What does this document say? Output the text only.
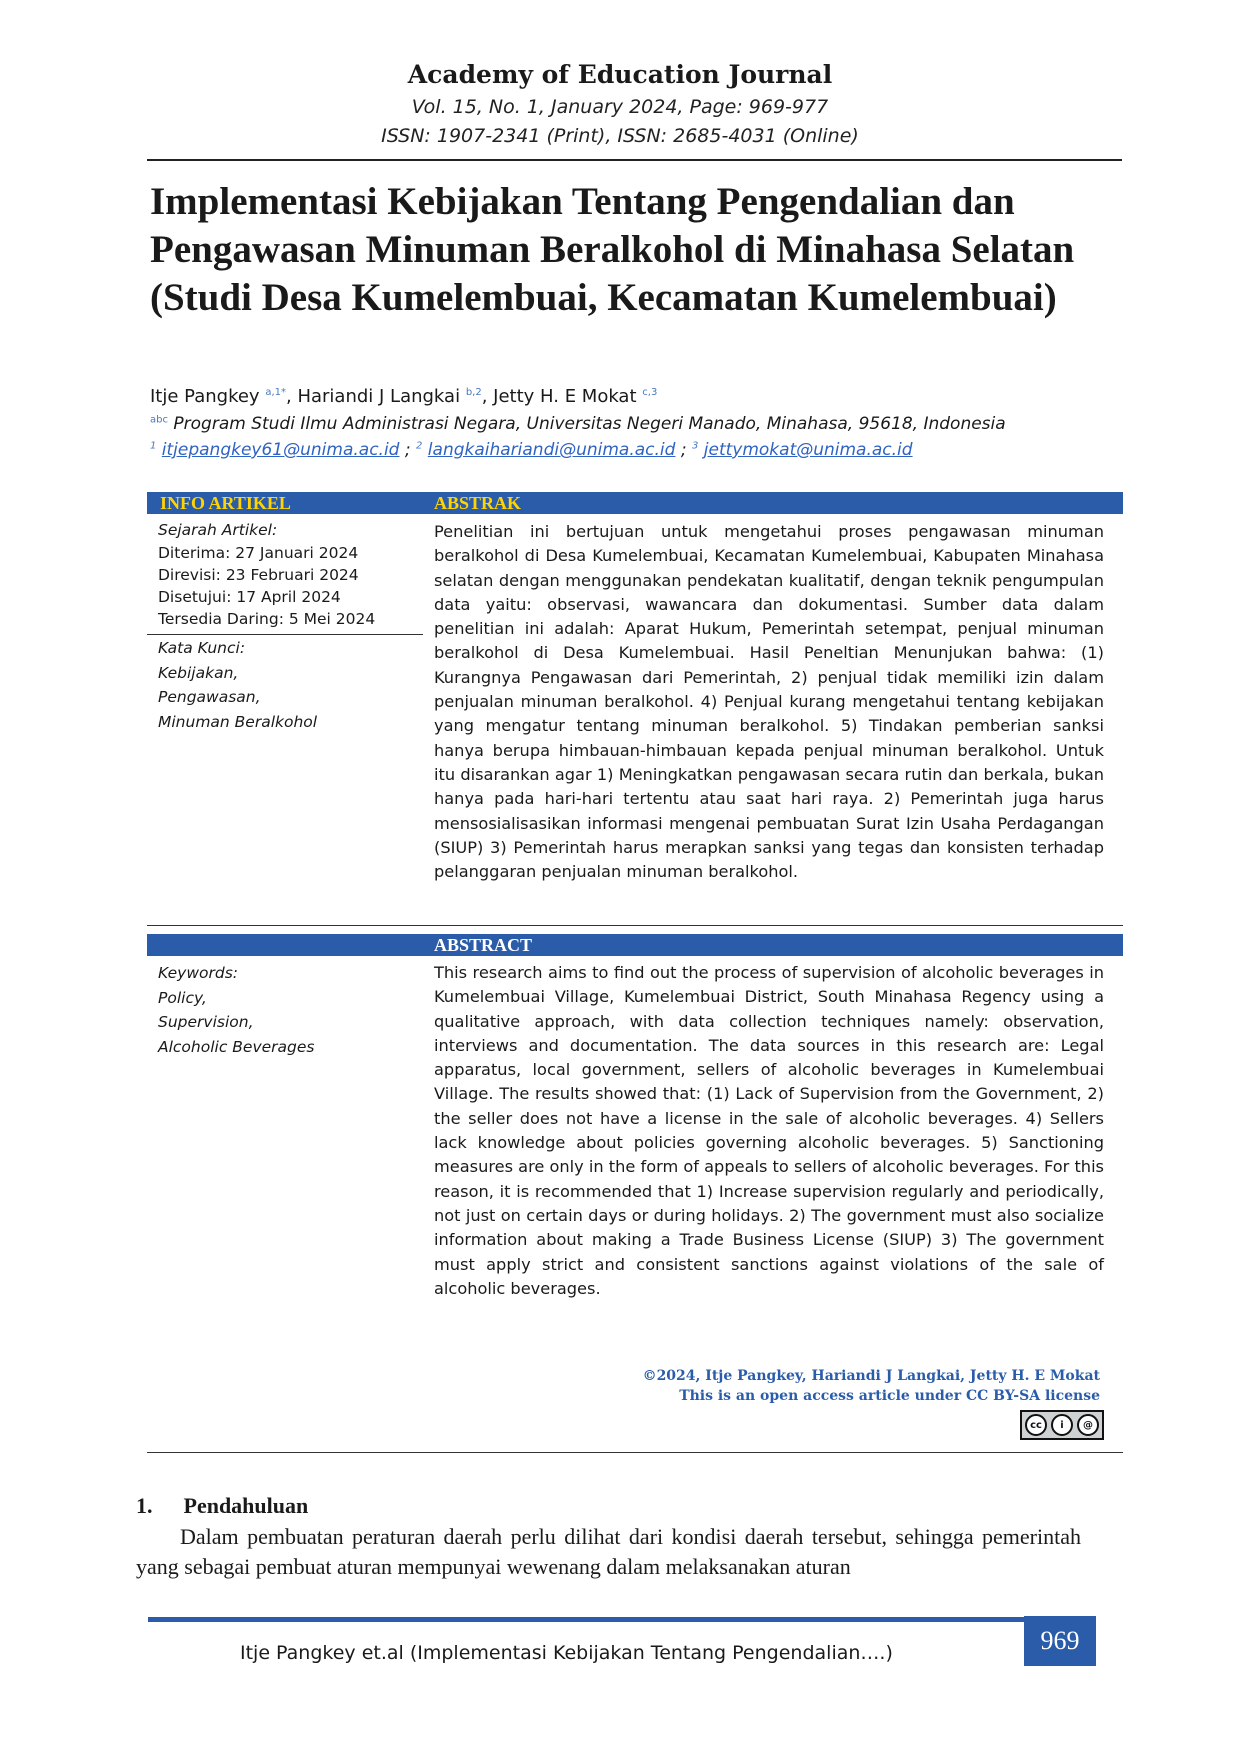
Academy of Education Journal
Vol. 15, No. 1, January 2024, Page: 969-977
ISSN: 1907-2341 (Print), ISSN: 2685-4031 (Online)
Implementasi Kebijakan Tentang Pengendalian dan Pengawasan Minuman Beralkohol di Minahasa Selatan (Studi Desa Kumelembuai, Kecamatan Kumelembuai)
Itje Pangkey $^{a,1*}$, Hariandi J Langkai $^{b,2}$, Jetty H. E Mokat $^{c,3}$
$^{abc}$ Program Studi Ilmu Administrasi Negara, Universitas Negeri Manado, Minahasa, 95618, Indonesia
$^1$ itjepangkey61@unima.ac.id ; $^2$ langkaihariandi@unima.ac.id ; $^3$ jettymokat@unima.ac.id
INFO ARTIKEL	ABSTRAK
Sejarah Artikel:
Diterima: 27 Januari 2024
Direvisi: 23 Februari 2024
Disetujui: 17 April 2024
Tersedia Daring: 5 Mei 2024
Kata Kunci:
Kebijakan,
Pengawasan,
Minuman Beralkohol
Penelitian ini bertujuan untuk mengetahui proses pengawasan minuman beralkohol di Desa Kumelembuai, Kecamatan Kumelembuai, Kabupaten Minahasa selatan dengan menggunakan pendekatan kualitatif, dengan teknik pengumpulan data yaitu: observasi, wawancara dan dokumentasi. Sumber data dalam penelitian ini adalah: Aparat Hukum, Pemerintah setempat, penjual minuman beralkohol di Desa Kumelembuai. Hasil Peneltian Menunjukan bahwa: (1) Kurangnya Pengawasan dari Pemerintah, 2) penjual tidak memiliki izin dalam penjualan minuman beralkohol. 4) Penjual kurang mengetahui tentang kebijakan yang mengatur tentang minuman beralkohol. 5) Tindakan pemberian sanksi hanya berupa himbauan-himbauan kepada penjual minuman beralkohol. Untuk itu disarankan agar 1) Meningkatkan pengawasan secara rutin dan berkala, bukan hanya pada hari-hari tertentu atau saat hari raya. 2) Pemerintah juga harus mensosialisasikan informasi mengenai pembuatan Surat Izin Usaha Perdagangan (SIUP) 3) Pemerintah harus merapkan sanksi yang tegas dan konsisten terhadap pelanggaran penjualan minuman beralkohol.
ABSTRACT
Keywords:
Policy,
Supervision,
Alcoholic Beverages
This research aims to find out the process of supervision of alcoholic beverages in Kumelembuai Village, Kumelembuai District, South Minahasa Regency using a qualitative approach, with data collection techniques namely: observation, interviews and documentation. The data sources in this research are: Legal apparatus, local government, sellers of alcoholic beverages in Kumelembuai Village. The results showed that: (1) Lack of Supervision from the Government, 2) the seller does not have a license in the sale of alcoholic beverages. 4) Sellers lack knowledge about policies governing alcoholic beverages. 5) Sanctioning measures are only in the form of appeals to sellers of alcoholic beverages. For this reason, it is recommended that 1) Increase supervision regularly and periodically, not just on certain days or during holidays. 2) The government must also socialize information about making a Trade Business License (SIUP) 3) The government must apply strict and consistent sanctions against violations of the sale of alcoholic beverages.
©2024, Itje Pangkey, Hariandi J Langkai, Jetty H. E Mokat
This is an open access article under CC BY-SA license
cc	i	@
1. Pendahuluan
Dalam pembuatan peraturan daerah perlu dilihat dari kondisi daerah tersebut, sehingga pemerintah yang sebagai pembuat aturan mempunyai wewenang dalam melaksanakan aturan
Itje Pangkey et.al (Implementasi Kebijakan Tentang Pengendalian….)	969
